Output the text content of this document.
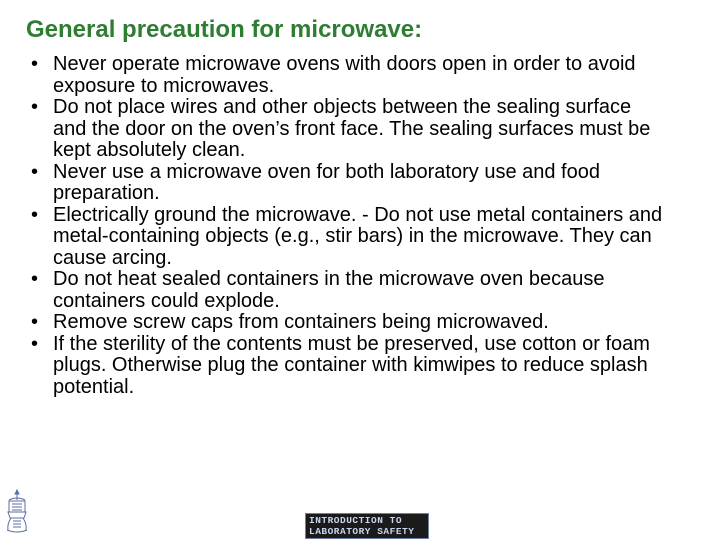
General precaution for microwave:
• Never operate microwave ovens with doors open in order to avoid exposure to microwaves.
• Do not place wires and other objects between the sealing surface and the door on the oven’s front face. The sealing surfaces must be kept absolutely clean.
• Never use a microwave oven for both laboratory use and food preparation.
• Electrically ground the microwave. - Do not use metal containers and metal-containing objects (e.g., stir bars) in the microwave. They can cause arcing.
• Do not heat sealed containers in the microwave oven because containers could explode.
• Remove screw caps from containers being microwaved.
• If the sterility of the contents must be preserved, use cotton or foam plugs. Otherwise plug the container with kimwipes to reduce splash potential.
INTRODUCTION TO
LABORATORY SAFETY
